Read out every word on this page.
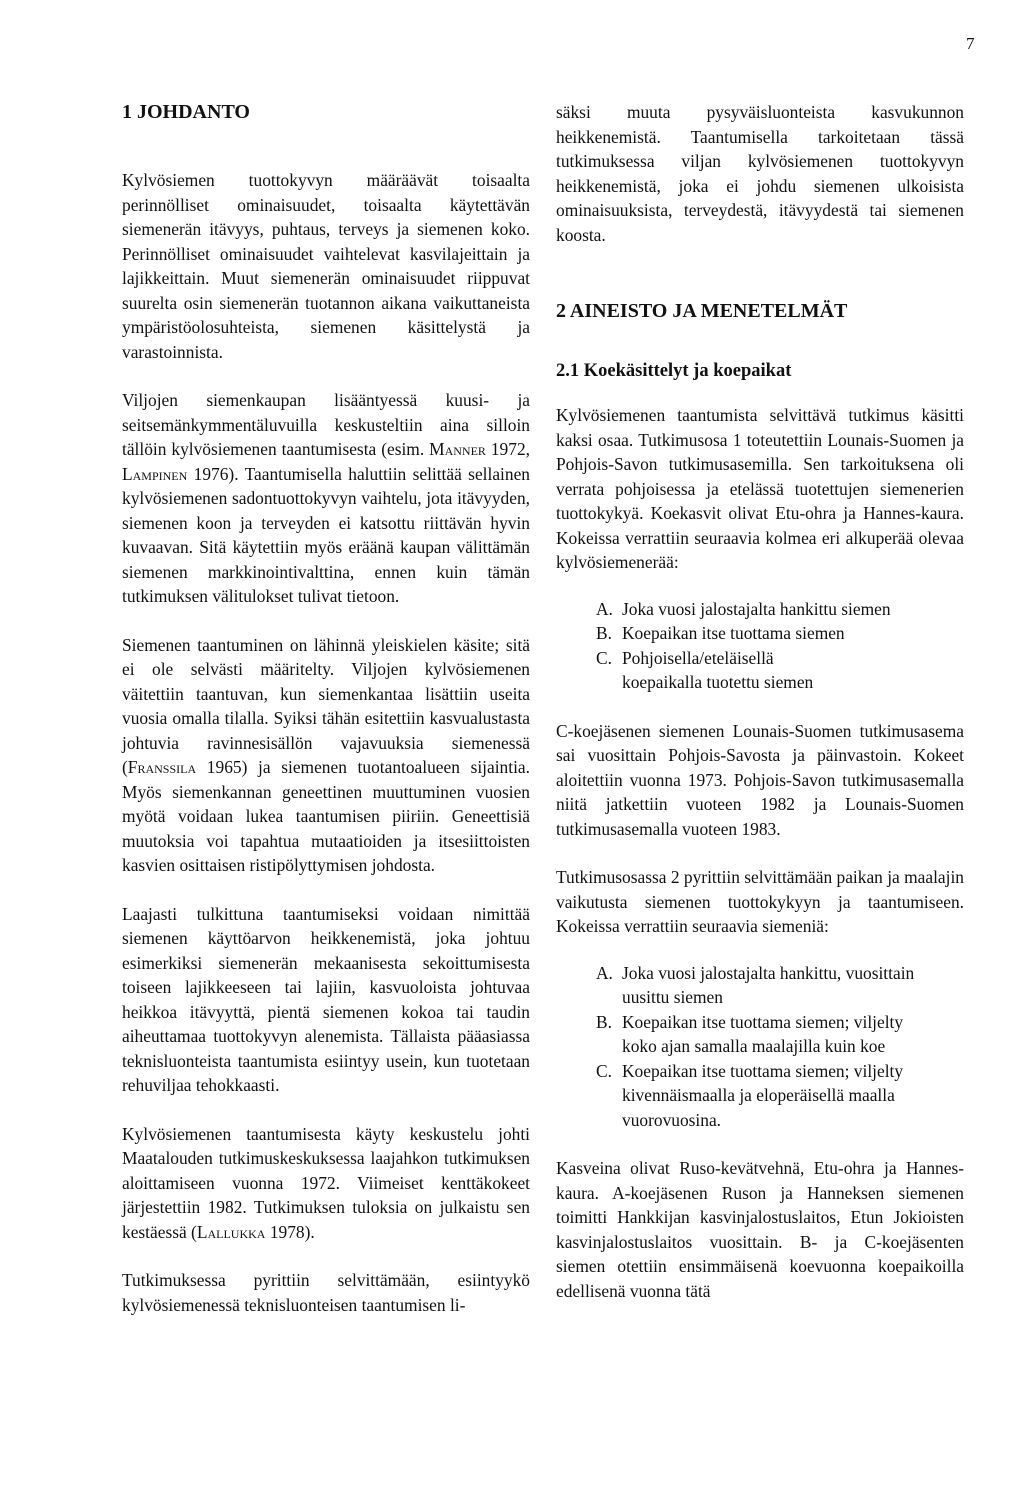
7
1 JOHDANTO

Kylvösiemen tuottokyvyn määräävät toisaalta perinnölliset ominaisuudet, toisaalta käytettävän siemenerän itävyys, puhtaus, terveys ja siemenen koko. Perinnölliset ominaisuudet vaihtelevat kasvilajeittain ja lajikkeittain. Muut siemenerän ominaisuudet riippuvat suurelta osin siemenerän tuotannon aikana vaikuttaneista ympäristöolosuhteista, siemenen käsittelystä ja varastoinnista.

Viljojen siemenkaupan lisääntyessä kuusi- ja seitsemänkymmentäluvuilla keskusteltiin aina silloin tällöin kylvösiemenen taantumisesta (esim. Manner 1972, Lampinen 1976). Taantumisella haluttiin selittää sellainen kylvösiemenen sadontuottokyvyn vaihtelu, jota itävyyden, siemenen koon ja terveyden ei katsottu riittävän hyvin kuvaavan. Sitä käytettiin myös eräänä kaupan välittämän siemenen markkinointivalttina, ennen kuin tämän tutkimuksen välitulokset tulivat tietoon.

Siemenen taantuminen on lähinnä yleiskielen käsite; sitä ei ole selvästi määritelty. Viljojen kylvösiemenen väitettiin taantuvan, kun siemenkantaa lisättiin useita vuosia omalla tilalla. Syiksi tähän esitettiin kasvualustasta johtuvia ravinnesisällön vajavuuksia siemenessä (Franssila 1965) ja siemenen tuotantoalueen sijaintia. Myös siemenkannan geneettinen muuttuminen vuosien myötä voidaan lukea taantumisen piiriin. Geneettisiä muutoksia voi tapahtua mutaatioiden ja itsesiittoisten kasvien osittaisen ristipölyttymisen johdosta.

Laajasti tulkittuna taantumiseksi voidaan nimittää siemenen käyttöarvon heikkenemistä, joka johtuu esimerkiksi siemenerän mekaanisesta sekoittumisesta toiseen lajikkeeseen tai lajiin, kasvuoloista johtuvaa heikkoa itävyyttä, pientä siemenen kokoa tai taudin aiheuttamaa tuottokyvyn alenemista. Tällaista pääasiassa teknisluonteista taantumista esiintyy usein, kun tuotetaan rehuviljaa tehokkaasti.

Kylvösiemenen taantumisesta käyty keskustelu johti Maatalouden tutkimuskeskuksessa laajahkon tutkimuksen aloittamiseen vuonna 1972. Viimeiset kenttäkokeet järjestettiin 1982. Tutkimuksen tuloksia on julkaistu sen kestäessä (Lallukka 1978).

Tutkimuksessa pyrittiin selvittämään, esiintyykö kylvösiemenessä teknisluonteisen taantumisen li-

säksi muuta pysyväisluonteista kasvukunnon heikkenemistä. Taantumisella tarkoitetaan tässä tutkimuksessa viljan kylvösiemenen tuottokyvyn heikkenemistä, joka ei johdu siemenen ulkoisista ominaisuuksista, terveydestä, itävyydestä tai siemenen koosta.

2 AINEISTO JA MENETELMÄT
2.1 Koekäsittelyt ja koepaikat

Kylvösiemenen taantumista selvittävä tutkimus käsitti kaksi osaa. Tutkimusosa 1 toteutettiin Lounais-Suomen ja Pohjois-Savon tutkimusasemilla. Sen tarkoituksena oli verrata pohjoisessa ja etelässä tuotettujen siemenerien tuottokykyä. Koekasvit olivat Etu-ohra ja Hannes-kaura. Kokeissa verrattiin seuraavia kolmea eri alkuperää olevaa kylvösiemenerää:

A. Joka vuosi jalostajalta hankittu siemen
B. Koepaikan itse tuottama siemen
C. Pohjoisella/eteläisellä koepaikalla tuotettu siemen

C-koejäsenen siemenen Lounais-Suomen tutkimusasema sai vuosittain Pohjois-Savosta ja päinvastoin. Kokeet aloitettiin vuonna 1973. Pohjois-Savon tutkimusasemalla niitä jatkettiin vuoteen 1982 ja Lounais-Suomen tutkimusasemalla vuoteen 1983.

Tutkimusosassa 2 pyrittiin selvittämään paikan ja maalajin vaikutusta siemenen tuottokykyyn ja taantumiseen. Kokeissa verrattiin seuraavia siemeniä:

A. Joka vuosi jalostajalta hankittu, vuosittain uusittu siemen
B. Koepaikan itse tuottama siemen; viljelty koko ajan samalla maalajilla kuin koe
C. Koepaikan itse tuottama siemen; viljelty kivennäismaalla ja eloperäisellä maalla vuorovuosina.

Kasveina olivat Ruso-kevätvehnä, Etu-ohra ja Hannes-kaura. A-koejäsenen Ruson ja Hanneksen siemenen toimitti Hankkijan kasvinjalostuslaitos, Etun Jokioisten kasvinjalostuslaitos vuosittain. B- ja C-koejäsenten siemen otettiin ensimmäisenä koevuonna koepaikoilla edellisenä vuonna tätä
